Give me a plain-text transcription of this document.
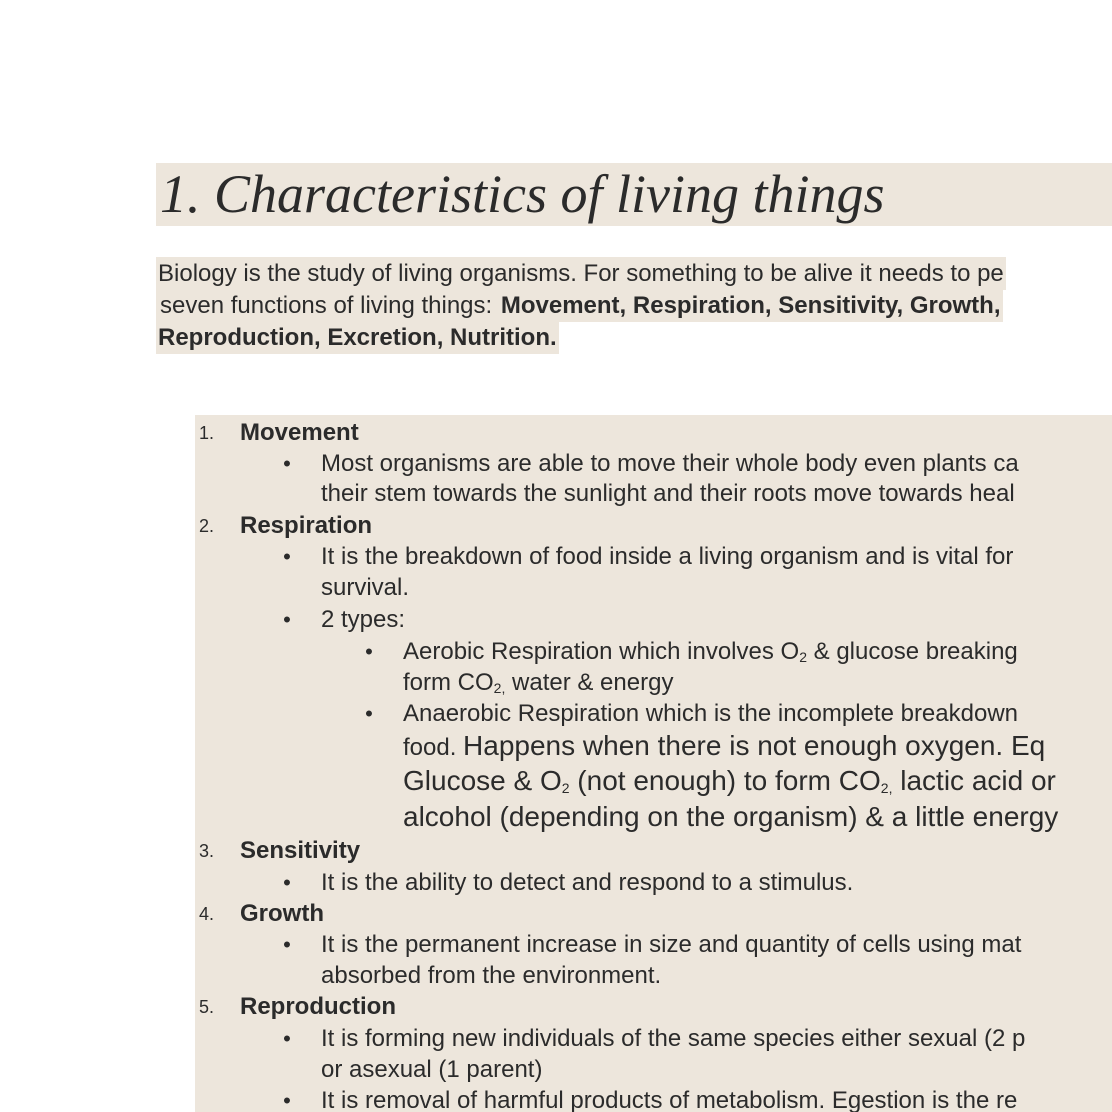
1. Characteristics of living things
Biology is the study of living organisms. For something to be alive it needs to pe
seven functions of living things: Movement, Respiration, Sensitivity, Growth,
Reproduction, Excretion, Nutrition.
1. Movement
• Most organisms are able to move their whole body even plants ca
their stem towards the sunlight and their roots move towards heal
2. Respiration
• It is the breakdown of food inside a living organism and is vital for
survival.
• 2 types:
• Aerobic Respiration which involves $O_2$ & glucose breaking
form $CO_{2,}$ water & energy
• Anaerobic Respiration which is the incomplete breakdown
food. Happens when there is not enough oxygen. Eq
Glucose & $O_2$ (not enough) to form $CO_{2,}$ lactic acid or
alcohol (depending on the organism) & a little energy
3. Sensitivity
• It is the ability to detect and respond to a stimulus.
4. Growth
• It is the permanent increase in size and quantity of cells using mat
absorbed from the environment.
5. Reproduction
• It is forming new individuals of the same species either sexual (2 p
or asexual (1 parent)
• It is removal of harmful products of metabolism. Egestion is the re
